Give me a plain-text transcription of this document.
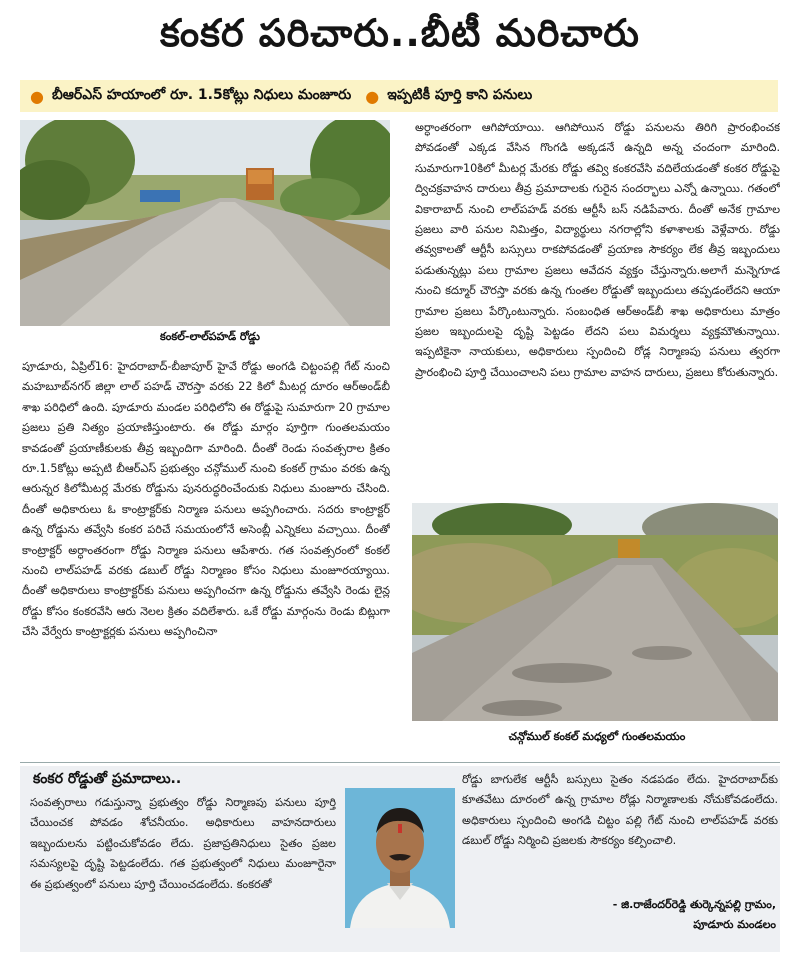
కంకర పరిచారు..బీటీ మరిచారు
● బీఆర్‌ఎస్‌ హయాంలో రూ. 1.5కోట్లు నిధులు మంజూరు ● ఇప్పటికీ పూర్తి కాని పనులు
కంకల్‌-లాల్‌పహడ్‌ రోడ్డు

పూడూరు, ఏప్రిల్‌16: హైదరాబాద్‌-బీజాపూర్‌ హైవే రోడ్డు అంగడి చిట్టంపల్లి గేట్‌ నుంచి మహబూబ్‌నగర్‌ జిల్లా లాల్‌ పహడ్‌ చౌరస్తా వరకు 22 కిలో మీటర్ల దూరం ఆర్‌అండ్‌బీ శాఖ పరిధిలో ఉంది. పూడూరు మండల పరిధిలోని ఈ రోడ్డుపై సుమారుగా 20 గ్రామాల ప్రజలు ప్రతి నిత్యం ప్రయాణిస్తుంటారు. ఈ రోడ్డు మార్గం పూర్తిగా గుంతలమయం కావడంతో ప్రయాణీకులకు తీవ్ర ఇబ్బందిగా మారింది. దీంతో రెండు సంవత్సరాల క్రితం రూ.1.5కోట్లు అప్పటి బీఆర్‌ఎస్‌ ప్రభుత్వం చన్గోముల్‌ నుంచి కంకల్‌ గ్రామం వరకు ఉన్న ఆరున్నర కిలోమీటర్ల మేరకు రోడ్డును పునరుద్ధరించేందుకు నిధులు మంజూరు చేసింది. దీంతో అధికారులు ఓ కాంట్రాక్టర్‌కు నిర్మాణ పనులు అప్పగించారు. సదరు కాంట్రాక్టర్‌ ఉన్న రోడ్డును తవ్వేసి కంకర పరిచే సమయంలోనే అసెంబ్లీ ఎన్నికలు వచ్చాయి. దీంతో కాంట్రాక్టర్‌ అర్ధాంతరంగా రోడ్డు నిర్మాణ పనులు ఆపేశారు. గత సంవత్సరంలో కంకల్‌ నుంచి లాల్‌పహడ్‌ వరకు డబుల్‌ రోడ్డు నిర్మాణం కోసం నిధులు మంజూరయ్యాయి. దీంతో అధికారులు కాంట్రాక్టర్‌కు పనులు అప్పగించగా ఉన్న రోడ్డును తవ్వేసి రెండు లైన్ల రోడ్డు కోసం కంకరవేసి ఆరు నెలల క్రితం వదిలేశారు. ఒకే రోడ్డు మార్గంను రెండు బిట్లుగా చేసి వేర్వేరు కాంట్రాక్టర్లకు పనులు అప్పగించినా

అర్ధాంతరంగా ఆగిపోయాయి. ఆగిపోయిన రోడ్డు పనులను తిరిగి ప్రారంభించక పోవడంతో ఎక్కడ వేసిన గొంగడి అక్కడనే ఉన్నది అన్న చందంగా మారింది. సుమారుగా10కిలో మీటర్ల మేరకు రోడ్డు తవ్వి కంకరవేసి వదిలేయడంతో కంకర రోడ్డుపై ద్విచక్రవాహన దారులు తీవ్ర ప్రమాదాలకు గురైన సందర్భాలు ఎన్నో ఉన్నాయి. గతంలో వికారాబాద్‌ నుంచి లాల్‌పహడ్‌ వరకు ఆర్టీసీ బస్‌ నడిపేవారు. దీంతో అనేక గ్రామాల ప్రజలు వారి పనుల నిమిత్తం, విద్యార్థులు నగరాల్లోని కళాశాలకు వెళ్లేవారు. రోడ్డు తవ్వకాలతో ఆర్టీసీ బస్సులు రాకపోవడంతో ప్రయాణ సౌకర్యం లేక తీవ్ర ఇబ్బందులు పడుతున్నట్లు పలు గ్రామాల ప్రజలు ఆవేదన వ్యక్తం చేస్తున్నారు.అలాగే మన్నెగూడ నుంచి కద్మూర్‌ చౌరస్తా వరకు ఉన్న గుంతల రోడ్డుతో ఇబ్బందులు తప్పడంలేదని ఆయా గ్రామాల ప్రజలు పేర్కొంటున్నారు. సంబంధిత ఆర్‌అండ్‌బీ శాఖ అధికారులు మాత్రం ప్రజల ఇబ్బందులపై దృష్టి పెట్టడం లేదని పలు విమర్శలు వ్యక్తమౌతున్నాయి. ఇప్పటికైనా నాయకులు, అధికారులు స్పందించి రోడ్ల నిర్మాణపు పనులు త్వరగా ప్రారంభించి పూర్తి చేయించాలని పలు గ్రామాల వాహన దారులు, ప్రజలు కోరుతున్నారు.

చన్గోముల్‌ కంకల్‌ మధ్యలో గుంతలమయం
కంకర రోడ్డుతో ప్రమాదాలు..

సంవత్సరాలు గడుస్తున్నా ప్రభుత్వం రోడ్డు నిర్మాణపు పనులు పూర్తి చేయించక పోవడం శోచనీయం. అధికారులు వాహనదారులు ఇబ్బందులను పట్టించుకోవడం లేదు. ప్రజాప్రతినిధులు సైతం ప్రజల సమస్యలపై దృష్టి పెట్టడంలేదు. గత ప్రభుత్వంలో నిధులు మంజూరైనా ఈ ప్రభుత్వంలో పనులు పూర్తి చేయించడంలేదు. కంకరతో

రోడ్డు బాగులేక ఆర్టీసీ బస్సులు సైతం నడపడం లేదు. హైదరాబాద్‌కు కూతవేటు దూరంలో ఉన్న గ్రామాల రోడ్లు నిర్మాణాలకు నోచుకోవడంలేదు. అధికారులు స్పందించి అంగడి చిట్టం పల్లి గేట్‌ నుంచి లాల్‌పహడ్‌ వరకు డబుల్‌ రోడ్డు నిర్మించి ప్రజలకు సౌకర్యం కల్పించాలి.

- జి.రాజేందర్‌రెడ్డి తుర్కెన్నపల్లి గ్రామం,

పూడూరు మండలం
